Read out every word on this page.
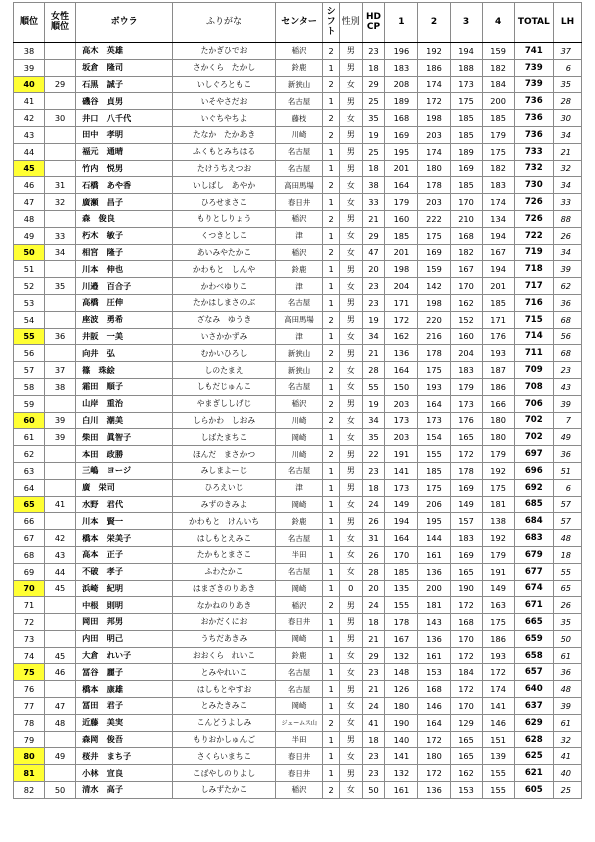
順位	女性順位	ボウラ	ふりがな	センター	シフト	性別	HDCP	1	2	3	4	TOTAL	LH
38		高木　英雄	たかぎひでお	稲沢	2	男	23	196	192	194	159	741	37
39		坂倉　隆司	さかくら　たかし	鈴鹿	1	男	18	183	186	188	182	739	6
40	29	石黒　誠子	いしぐろともこ	新狭山	2	女	29	208	174	173	184	739	35
41		磯谷　貞男	いそやさだお	名古屋	1	男	25	189	172	175	200	736	28
42	30	井口　八千代	いぐちやちよ	藤枝	2	女	35	168	198	185	185	736	30
43		田中　孝明	たなか　たかあき	川崎	2	男	19	169	203	185	179	736	34
44		福元　通晴	ふくもとみちはる	名古屋	1	男	25	195	174	189	175	733	21
45		竹内　悦男	たけうちえつお	名古屋	1	男	18	201	180	169	182	732	32
46	31	石橋　あや香	いしばし　あやか	高田馬場	2	女	38	164	178	185	183	730	34
47	32	廣瀬　昌子	ひろせまさこ	春日井	1	女	33	179	203	170	174	726	33
48		森　俊良	もりとしりょう	稲沢	2	男	21	160	222	210	134	726	88
49	33	朽木　敏子	くつきとしこ	津	1	女	29	185	175	168	194	722	26
50	34	相宮　隆子	あいみやたかこ	稲沢	2	女	47	201	169	182	167	719	34
51		川本　伸也	かわもと　しんや	鈴鹿	1	男	20	198	159	167	194	718	39
52	35	川邉　百合子	かわべゆりこ	津	1	女	23	204	142	170	201	717	62
53		高橋　圧伸	たかはしまさのぶ	名古屋	1	男	23	171	198	162	185	716	36
54		座波　勇希	ざなみ　ゆうき	高田馬場	2	男	19	172	220	152	171	715	68
55	36	井阪　一美	いさかかずみ	津	1	女	34	162	216	160	176	714	56
56		向井　弘	むかいひろし	新狭山	2	男	21	136	178	204	193	711	68
57	37	篠　珠絵	しのたまえ	新狭山	2	女	28	164	175	183	187	709	23
58	38	霜田　順子	しもだじゅんこ	名古屋	1	女	55	150	193	179	186	708	43
59		山岸　重治	やまぎししげじ	稲沢	2	男	19	203	164	173	166	706	39
60	39	白川　潮美	しらかわ　しおみ	川崎	2	女	34	173	173	176	180	702	7
61	39	柴田　眞智子	しばたまちこ	岡崎	1	女	35	203	154	165	180	702	49
62		本田　政勝	ほんだ　まさかつ	川崎	2	男	22	191	155	172	179	697	36
63		三嶋　ヨージ	みしまよーじ	名古屋	1	男	23	141	185	178	192	696	51
64		廣　栄司	ひろえいじ	津	1	男	18	173	175	169	175	692	6
65	41	水野　君代	みずのきみよ	岡崎	1	女	24	149	206	149	181	685	57
66		川本　賢一	かわもと　けんいち	鈴鹿	1	男	26	194	195	157	138	684	57
67	42	橋本　栄美子	はしもとえみこ	名古屋	1	女	31	164	144	183	192	683	48
68	43	高本　正子	たかもとまさこ	半田	1	女	26	170	161	169	179	679	18
69	44	不破　孝子	ふわたかこ	名古屋	1	女	28	185	136	165	191	677	55
70	45	浜崎　紀明	はまざきのりあき	岡崎	1	0	20	135	200	190	149	674	65
71		中根　則明	なかねのりあき	稲沢	2	男	24	155	181	172	163	671	26
72		岡田　邦男	おかだくにお	春日井	1	男	18	178	143	168	175	665	35
73		内田　明己	うちだあきみ	岡崎	1	男	21	167	136	170	186	659	50
74	45	大倉　れい子	おおくら　れいこ	鈴鹿	1	女	29	132	161	172	193	658	61
75	46	冨谷　麗子	とみやれいこ	名古屋	1	女	23	148	153	184	172	657	36
76		橋本　康雄	はしもとやすお	名古屋	1	男	21	126	168	172	174	640	48
77	47	冨田　君子	とみたきみこ	岡崎	1	女	24	180	146	170	141	637	39
78	48	近藤　美実	こんどうよしみ	ジュームス山	2	女	41	190	164	129	146	629	61
79		森岡　俊吾	もりおかしゅんご	半田	1	男	18	140	172	165	151	628	32
80	49	桜井　まち子	さくらいまちこ	春日井	1	女	23	141	180	165	139	625	41
81		小林　宣良	こばやしのりよし	春日井	1	男	23	132	172	162	155	621	40
82	50	清水　高子	しみずたかこ	稲沢	2	女	50	161	136	153	155	605	25
